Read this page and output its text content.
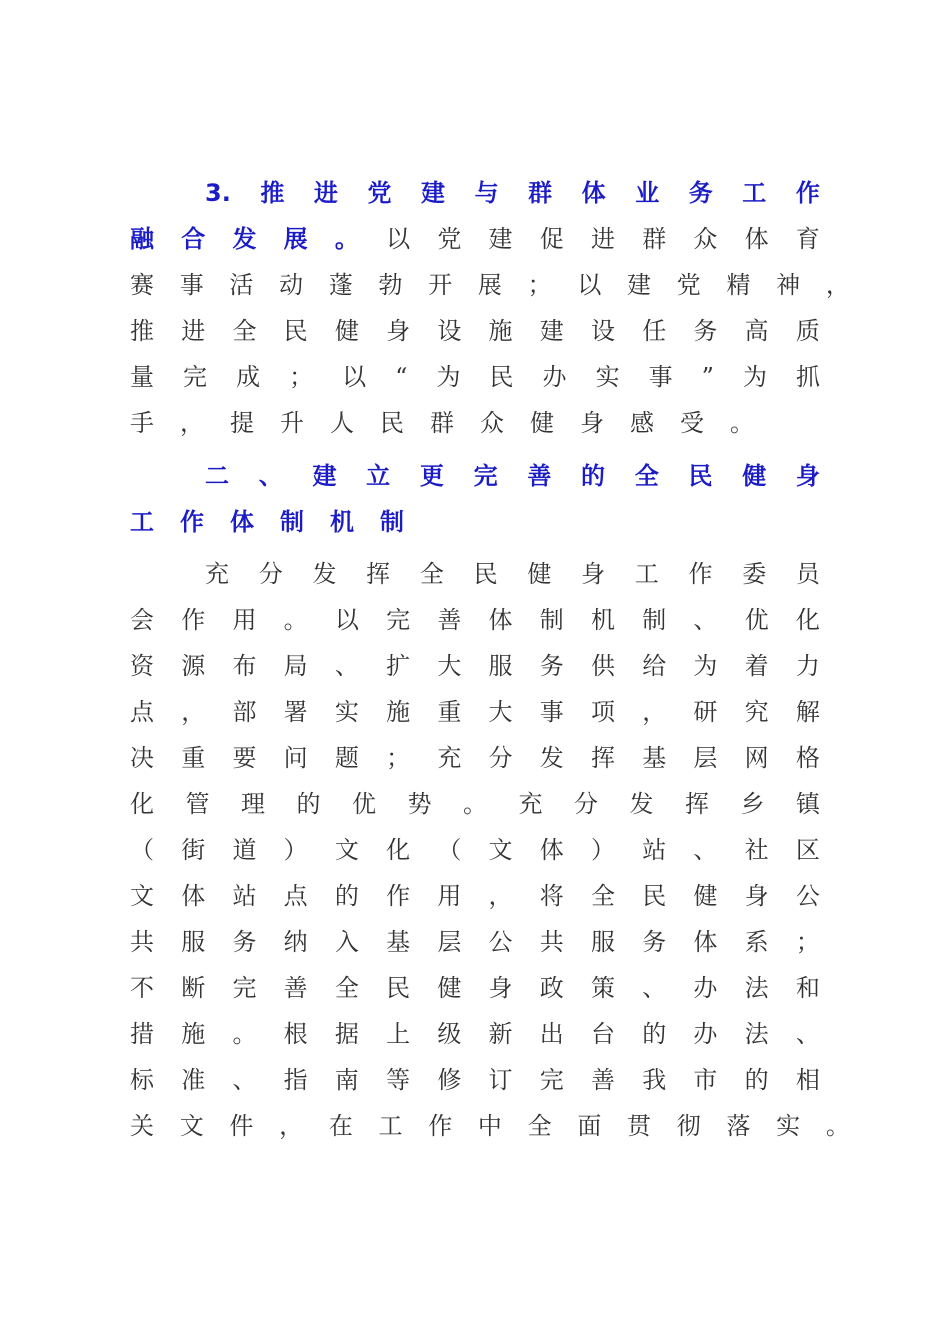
3. 推 进 党 建 与 群 体 业 务 工 作
融 合 发 展 。 以 党 建 促 进 群 众 体 育
赛 事 活 动 蓬 勃 开 展 ； 以 建 党 精 神 ，
推 进 全 民 健 身 设 施 建 设 任 务 高 质
量 完 成 ； 以 “ 为 民 办 实 事 ” 为 抓
手 ， 提 升 人 民 群 众 健 身 感 受 。
二 、 建 立 更 完 善 的 全 民 健 身
工 作 体 制 机 制
充 分 发 挥 全 民 健 身 工 作 委 员
会 作 用 。 以 完 善 体 制 机 制 、 优 化
资 源 布 局 、 扩 大 服 务 供 给 为 着 力
点 ， 部 署 实 施 重 大 事 项 ， 研 究 解
决 重 要 问 题 ； 充 分 发 挥 基 层 网 格
化 管 理 的 优 势 。 充 分 发 挥 乡 镇
（ 街 道 ） 文 化 （ 文 体 ） 站 、 社 区
文 体 站 点 的 作 用 ， 将 全 民 健 身 公
共 服 务 纳 入 基 层 公 共 服 务 体 系 ；
不 断 完 善 全 民 健 身 政 策 、 办 法 和
措 施 。 根 据 上 级 新 出 台 的 办 法 、
标 准 、 指 南 等 修 订 完 善 我 市 的 相
关 文 件 ， 在 工 作 中 全 面 贯 彻 落 实 。
